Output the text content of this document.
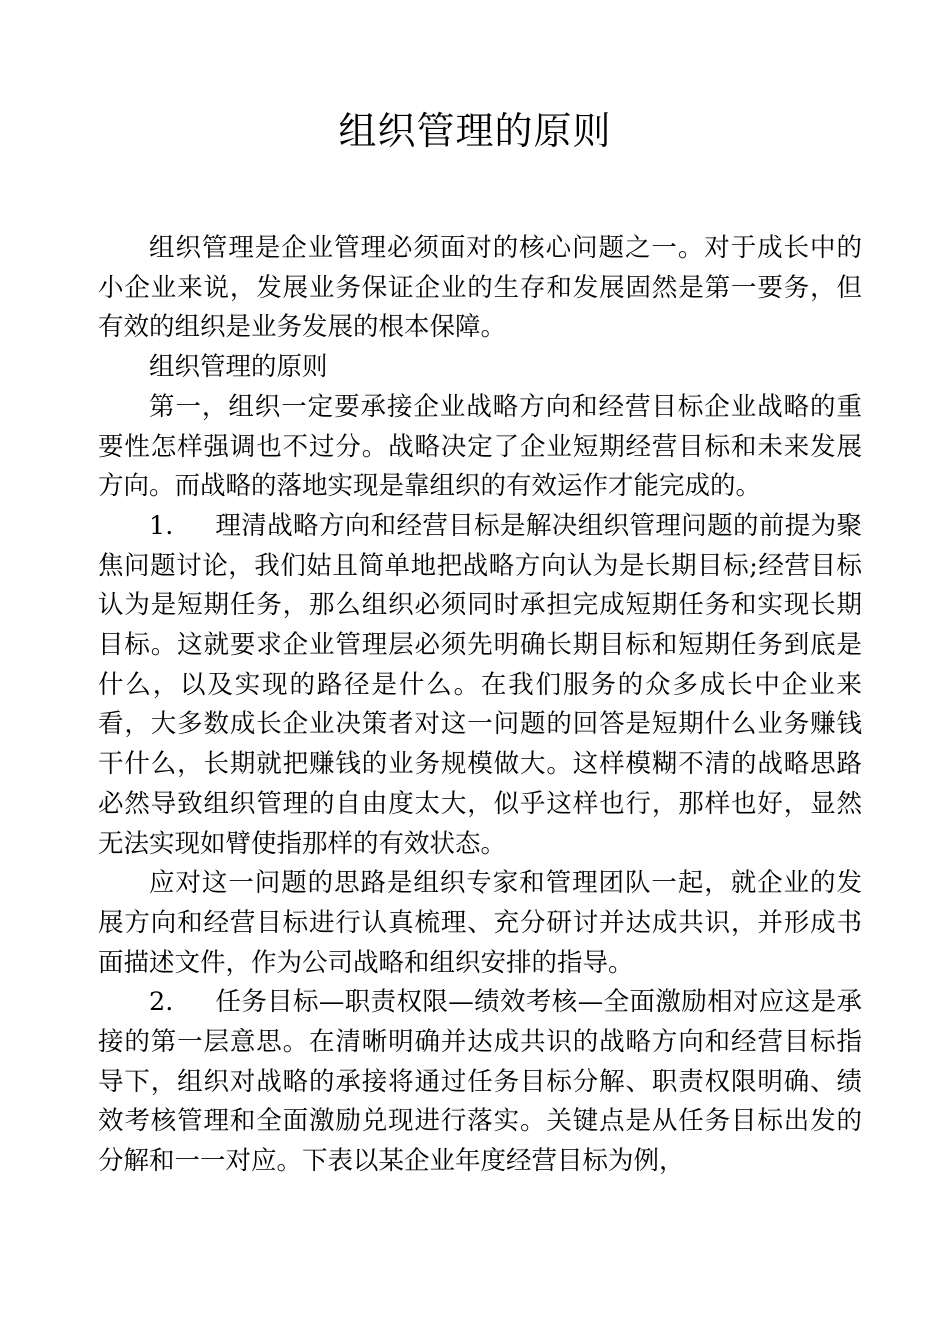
组织管理的原则

组织管理是企业管理必须面对的核心问题之一。对于成长中的小企业来说，发展业务保证企业的生存和发展固然是第一要务，但有效的组织是业务发展的根本保障。

组织管理的原则

第一，组织一定要承接企业战略方向和经营目标企业战略的重要性怎样强调也不过分。战略决定了企业短期经营目标和未来发展方向。而战略的落地实现是靠组织的有效运作才能完成的。

1. 理清战略方向和经营目标是解决组织管理问题的前提为聚焦问题讨论，我们姑且简单地把战略方向认为是长期目标;经营目标认为是短期任务，那么组织必须同时承担完成短期任务和实现长期目标。这就要求企业管理层必须先明确长期目标和短期任务到底是什么，以及实现的路径是什么。在我们服务的众多成长中企业来看，大多数成长企业决策者对这一问题的回答是短期什么业务赚钱干什么，长期就把赚钱的业务规模做大。这样模糊不清的战略思路必然导致组织管理的自由度太大，似乎这样也行，那样也好，显然无法实现如臂使指那样的有效状态。

应对这一问题的思路是组织专家和管理团队一起，就企业的发展方向和经营目标进行认真梳理、充分研讨并达成共识，并形成书面描述文件，作为公司战略和组织安排的指导。

2. 任务目标—职责权限—绩效考核—全面激励相对应这是承接的第一层意思。在清晰明确并达成共识的战略方向和经营目标指导下，组织对战略的承接将通过任务目标分解、职责权限明确、绩效考核管理和全面激励兑现进行落实。关键点是从任务目标出发的分解和一一对应。下表以某企业年度经营目标为例，
